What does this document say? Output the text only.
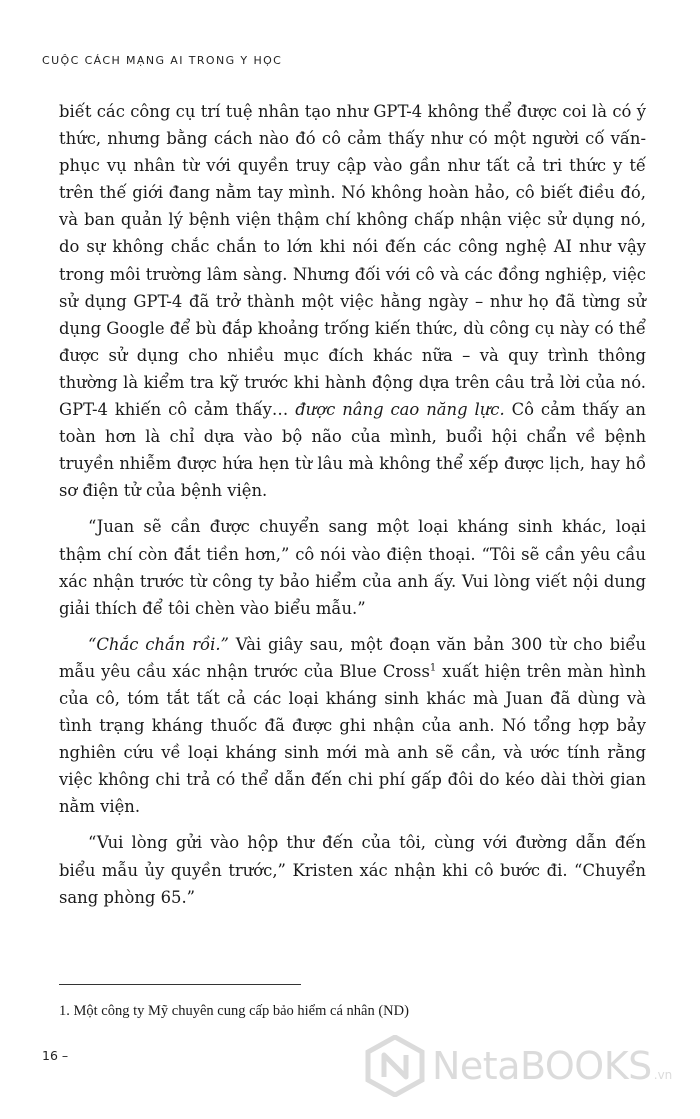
CUỘC CÁCH MẠNG AI TRONG Y HỌC

biết các công cụ trí tuệ nhân tạo như GPT-4 không thể được coi là có ý thức, nhưng bằng cách nào đó cô cảm thấy như có một người cố vấn-phục vụ nhân từ với quyền truy cập vào gần như tất cả tri thức y tế trên thế giới đang nằm tay mình. Nó không hoàn hảo, cô biết điều đó, và ban quản lý bệnh viện thậm chí không chấp nhận việc sử dụng nó, do sự không chắc chắn to lớn khi nói đến các công nghệ AI như vậy trong môi trường lâm sàng. Nhưng đối với cô và các đồng nghiệp, việc sử dụng GPT-4 đã trở thành một việc hằng ngày – như họ đã từng sử dụng Google để bù đắp khoảng trống kiến thức, dù công cụ này có thể được sử dụng cho nhiều mục đích khác nữa – và quy trình thông thường là kiểm tra kỹ trước khi hành động dựa trên câu trả lời của nó. GPT-4 khiến cô cảm thấy… được nâng cao năng lực. Cô cảm thấy an toàn hơn là chỉ dựa vào bộ não của mình, buổi hội chẩn về bệnh truyền nhiễm được hứa hẹn từ lâu mà không thể xếp được lịch, hay hồ sơ điện tử của bệnh viện.

“Juan sẽ cần được chuyển sang một loại kháng sinh khác, loại thậm chí còn đắt tiền hơn,” cô nói vào điện thoại. “Tôi sẽ cần yêu cầu xác nhận trước từ công ty bảo hiểm của anh ấy. Vui lòng viết nội dung giải thích để tôi chèn vào biểu mẫu.”

“Chắc chắn rồi.” Vài giây sau, một đoạn văn bản 300 từ cho biểu mẫu yêu cầu xác nhận trước của Blue Cross$^1$ xuất hiện trên màn hình của cô, tóm tắt tất cả các loại kháng sinh khác mà Juan đã dùng và tình trạng kháng thuốc đã được ghi nhận của anh. Nó tổng hợp bảy nghiên cứu về loại kháng sinh mới mà anh sẽ cần, và ước tính rằng việc không chi trả có thể dẫn đến chi phí gấp đôi do kéo dài thời gian nằm viện.

“Vui lòng gửi vào hộp thư đến của tôi, cùng với đường dẫn đến biểu mẫu ủy quyền trước,” Kristen xác nhận khi cô bước đi. “Chuyển sang phòng 65.”

1. Một công ty Mỹ chuyên cung cấp bảo hiểm cá nhân (ND)
16 –	NetaBOOKS .vn
